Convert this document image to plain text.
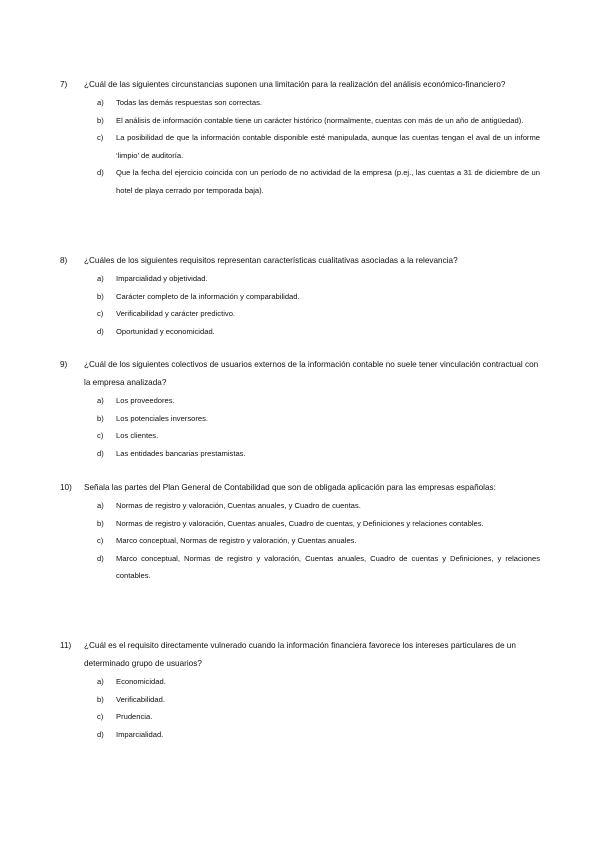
7)	¿Cuál de las siguientes circunstancias suponen una limitación para la realización del análisis económico-financiero?
a)	Todas las demás respuestas son correctas.
b)	El análisis de información contable tiene un carácter histórico (normalmente, cuentas con más de un año de antigüedad).
c)	La posibilidad de que la información contable disponible esté manipulada, aunque las cuentas tengan el aval de un informe ‘limpio’ de auditoría.
d)	Que la fecha del ejercicio coincida con un período de no actividad de la empresa (p.ej., las cuentas a 31 de diciembre de un hotel de playa cerrado por temporada baja).
8)	¿Cuáles de los siguientes requisitos representan características cualitativas asociadas a la relevancia?
a)	Imparcialidad y objetividad.
b)	Carácter completo de la información y comparabilidad.
c)	Verificabilidad y carácter predictivo.
d)	Oportunidad y economicidad.
9)	¿Cuál de los siguientes colectivos de usuarios externos de la información contable no suele tener vinculación contractual con la empresa analizada?
a)	Los proveedores.
b)	Los potenciales inversores.
c)	Los clientes.
d)	Las entidades bancarias prestamistas.
10)	Señala las partes del Plan General de Contabilidad que son de obligada aplicación para las empresas españolas:
a)	Normas de registro y valoración, Cuentas anuales, y Cuadro de cuentas.
b)	Normas de registro y valoración, Cuentas anuales, Cuadro de cuentas, y Definiciones y relaciones contables.
c)	Marco conceptual, Normas de registro y valoración, y Cuentas anuales.
d)	Marco conceptual, Normas de registro y valoración, Cuentas anuales, Cuadro de cuentas y Definiciones, y relaciones contables.
11)	¿Cuál es el requisito directamente vulnerado cuando la información financiera favorece los intereses particulares de un determinado grupo de usuarios?
a)	Economicidad.
b)	Verificabilidad.
c)	Prudencia.
d)	Imparcialidad.
